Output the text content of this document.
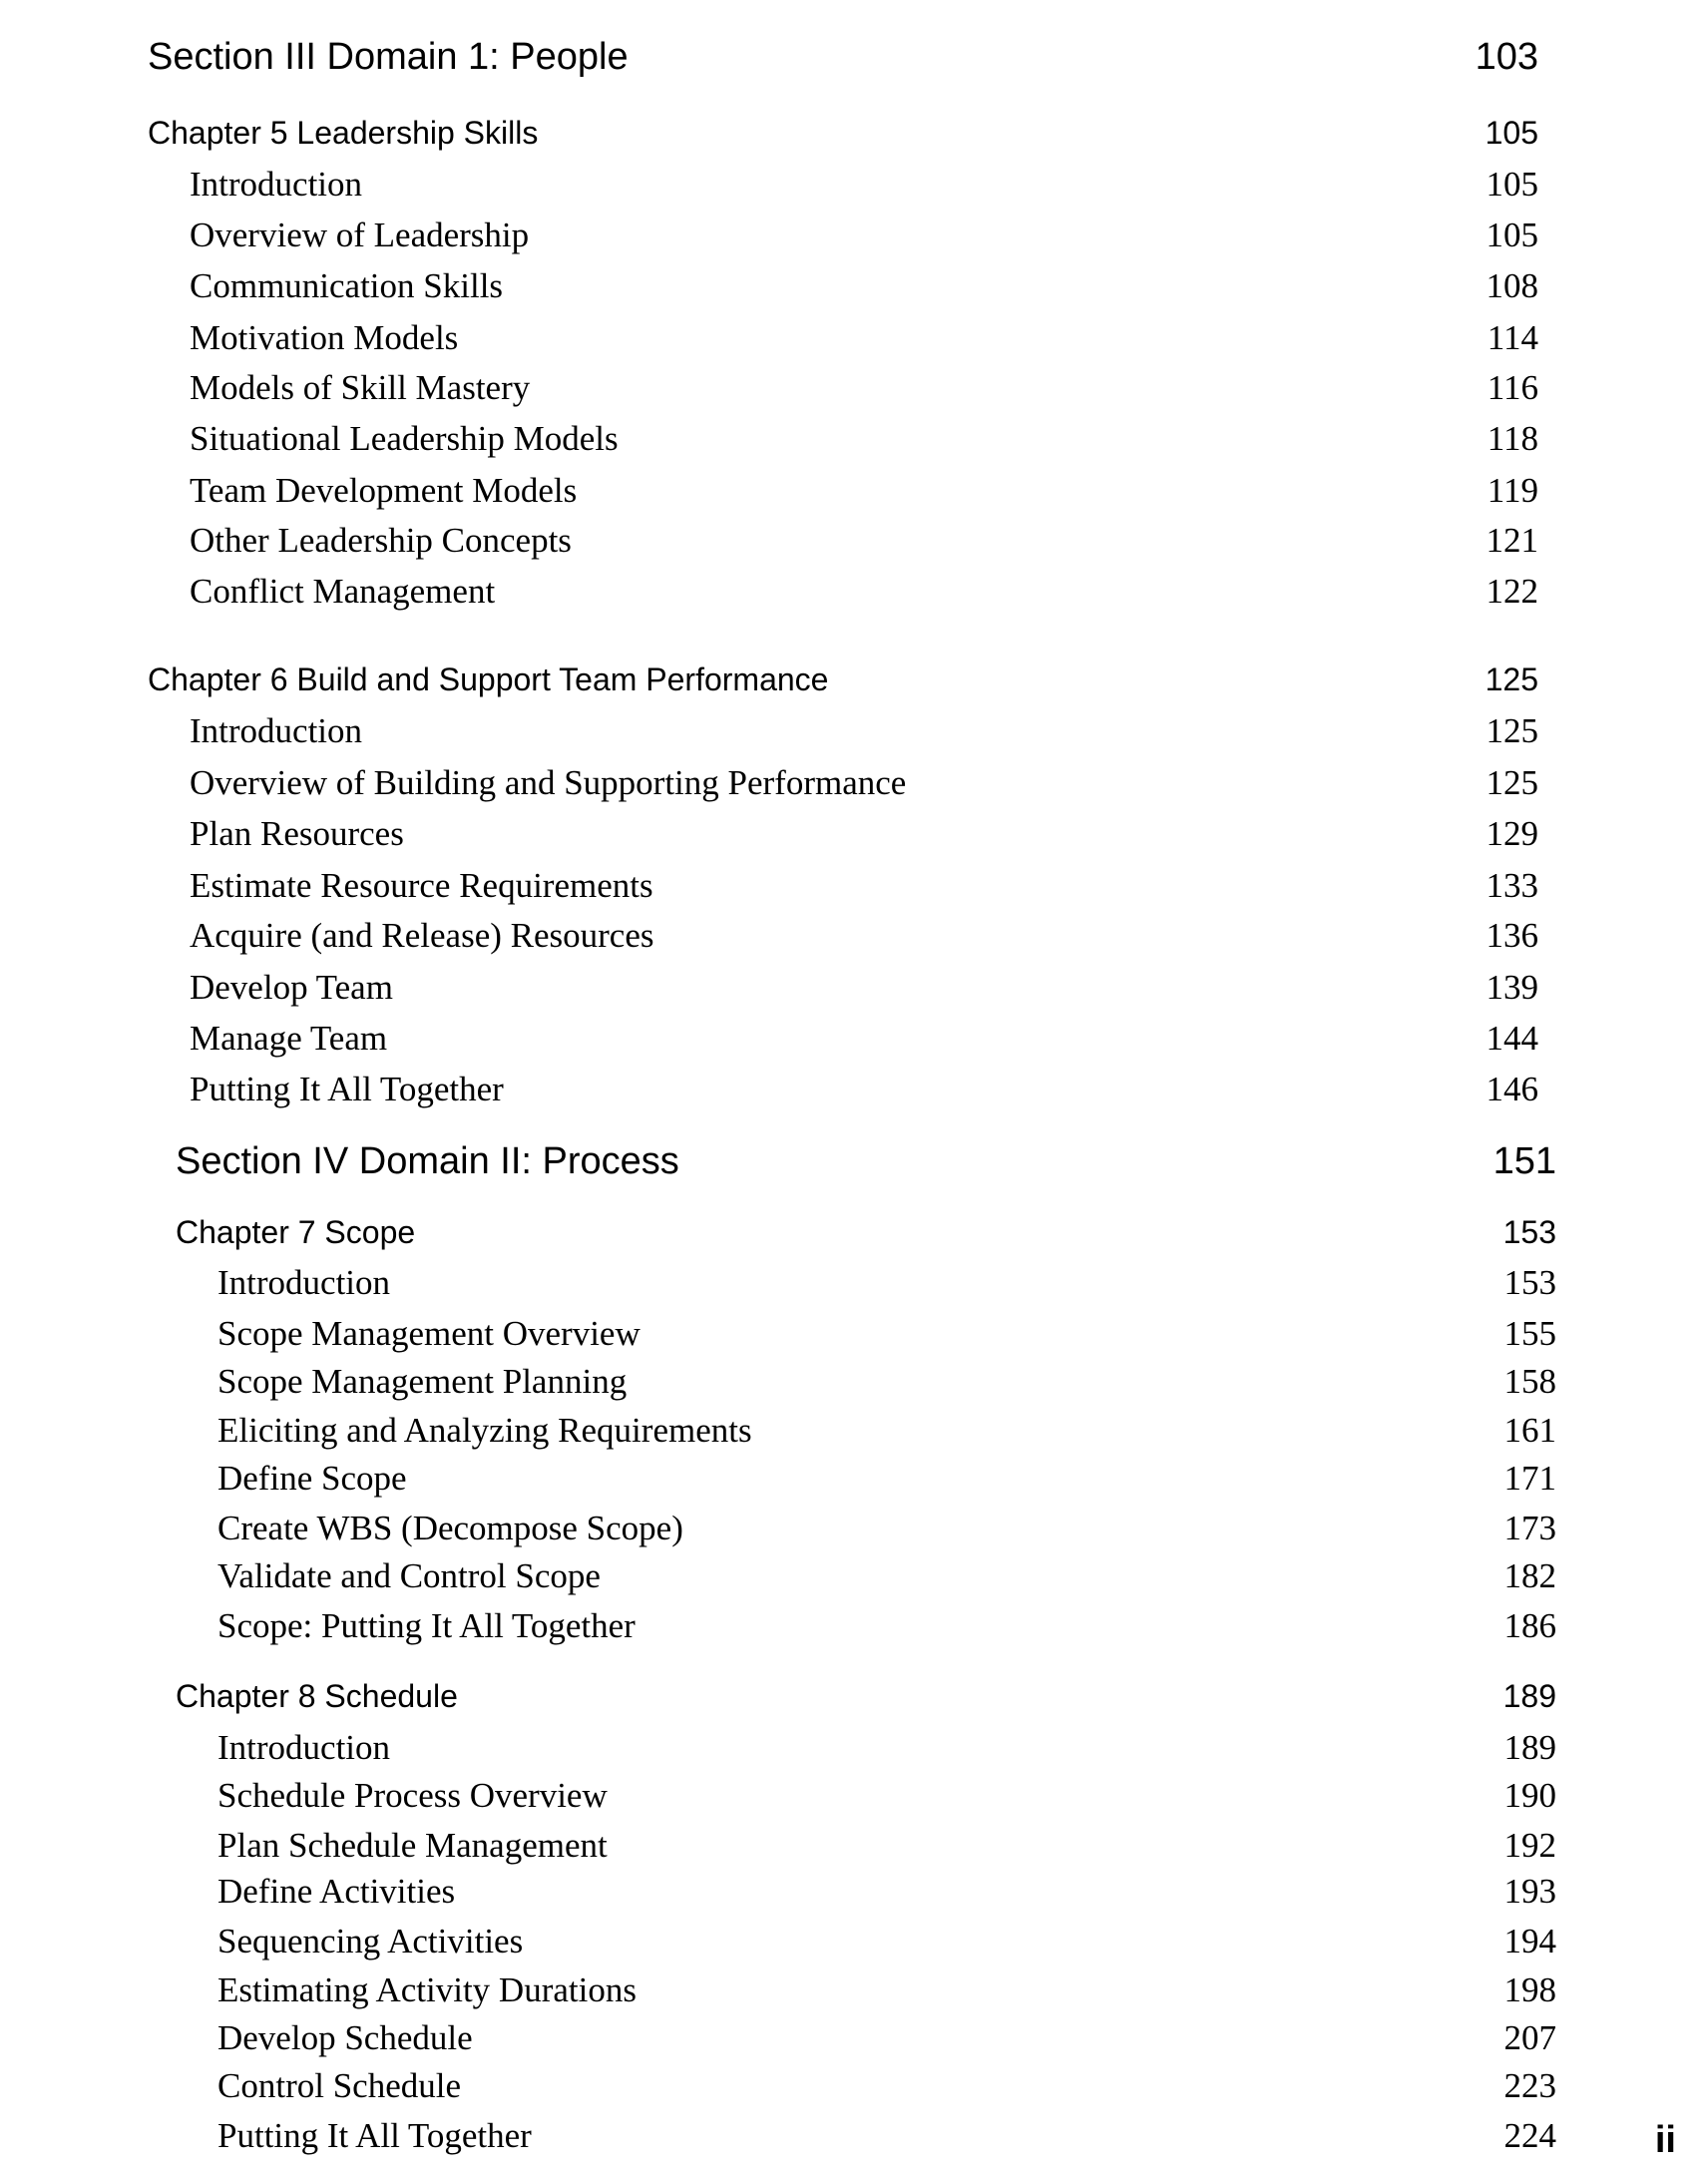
Section III Domain 1: People	103
Chapter 5 Leadership Skills	105
Introduction	105
Overview of Leadership	105
Communication Skills	108
Motivation Models	114
Models of Skill Mastery	116
Situational Leadership Models	118
Team Development Models	119
Other Leadership Concepts	121
Conflict Management	122
Chapter 6 Build and Support Team Performance	125
Introduction	125
Overview of Building and Supporting Performance	125
Plan Resources	129
Estimate Resource Requirements	133
Acquire (and Release) Resources	136
Develop Team	139
Manage Team	144
Putting It All Together	146
Section IV Domain II: Process	151
Chapter 7 Scope	153
Introduction	153
Scope Management Overview	155
Scope Management Planning	158
Eliciting and Analyzing Requirements	161
Define Scope	171
Create WBS (Decompose Scope)	173
Validate and Control Scope	182
Scope: Putting It All Together	186
Chapter 8 Schedule	189
Introduction	189
Schedule Process Overview	190
Plan Schedule Management	192
Define Activities	193
Sequencing Activities	194
Estimating Activity Durations	198
Develop Schedule	207
Control Schedule	223
Putting It All Together	224	ii
